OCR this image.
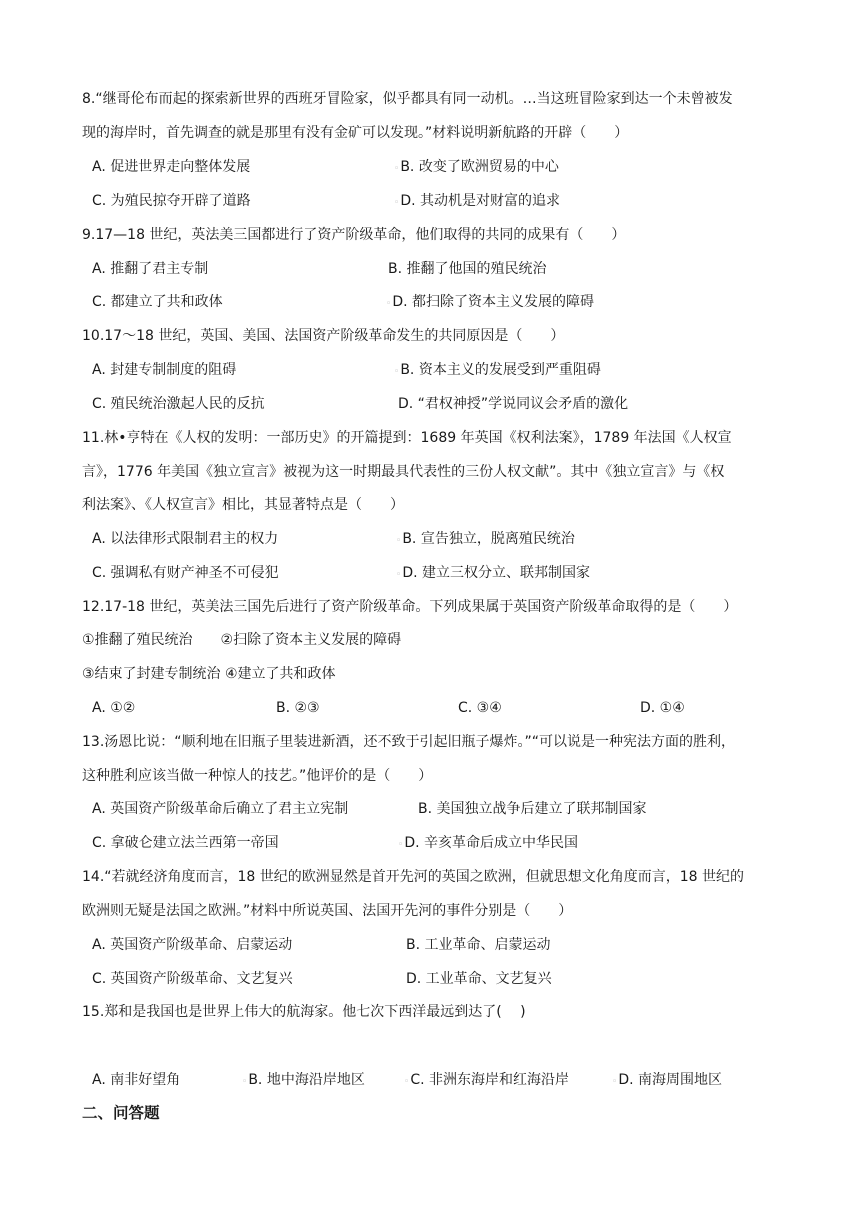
8.“继哥伦布而起的探索新世界的西班牙冒险家，似乎都具有同一动机。…当这班冒险家到达一个未曾被发
现的海岸时，首先调查的就是那里有没有金矿可以发现。”材料说明新航路的开辟（　　）
A. 促进世界走向整体发展	◦B. 改变了欧洲贸易的中心
C. 为殖民掠夺开辟了道路	◦D. 其动机是对财富的追求
9.17—18 世纪，英法美三国都进行了资产阶级革命，他们取得的共同的成果有（　　）
A. 推翻了君主专制	B. 推翻了他国的殖民统治
C. 都建立了共和政体	◦D. 都扫除了资本主义发展的障碍
10.17～18 世纪，英国、美国、法国资产阶级革命发生的共同原因是（　　）
A. 封建专制制度的阻碍	◦B. 资本主义的发展受到严重阻碍
C. 殖民统治激起人民的反抗	D. “君权神授”学说同议会矛盾的激化
11.林•亨特在《人权的发明：一部历史》的开篇提到：1689 年英国《权利法案》，1789 年法国《人权宣
言》，1776 年美国《独立宣言》被视为这一时期最具代表性的三份人权文献”。其中《独立宣言》与《权
利法案》、《人权宣言》相比，其显著特点是（　　）
A. 以法律形式限制君主的权力	◦B. 宣告独立，脱离殖民统治
C. 强调私有财产神圣不可侵犯	◦D. 建立三权分立、联邦制国家
12.17-18 世纪，英美法三国先后进行了资产阶级革命。下列成果属于英国资产阶级革命取得的是（　　）
①推翻了殖民统治　　②扫除了资本主义发展的障碍
③结束了封建专制统治 ④建立了共和政体
A. ①②	B. ②③	C. ③④	D. ①④
13.汤恩比说：“顺利地在旧瓶子里装进新酒，还不致于引起旧瓶子爆炸。”“可以说是一种宪法方面的胜利，
这种胜利应该当做一种惊人的技艺。”他评价的是（　　）
A. 英国资产阶级革命后确立了君主立宪制	B. 美国独立战争后建立了联邦制国家
C. 拿破仑建立法兰西第一帝国	◦D. 辛亥革命后成立中华民国
14.“若就经济角度而言，18 世纪的欧洲显然是首开先河的英国之欧洲，但就思想文化角度而言，18 世纪的
欧洲则无疑是法国之欧洲。”材料中所说英国、法国开先河的事件分别是（　　）
A. 英国资产阶级革命、启蒙运动	B. 工业革命、启蒙运动
C. 英国资产阶级革命、文艺复兴	D. 工业革命、文艺复兴
15.郑和是我国也是世界上伟大的航海家。他七次下西洋最远到达了(　 )
A. 南非好望角	◦B. 地中海沿岸地区	◦C. 非洲东海岸和红海沿岸	◦D. 南海周围地区
二、问答题
